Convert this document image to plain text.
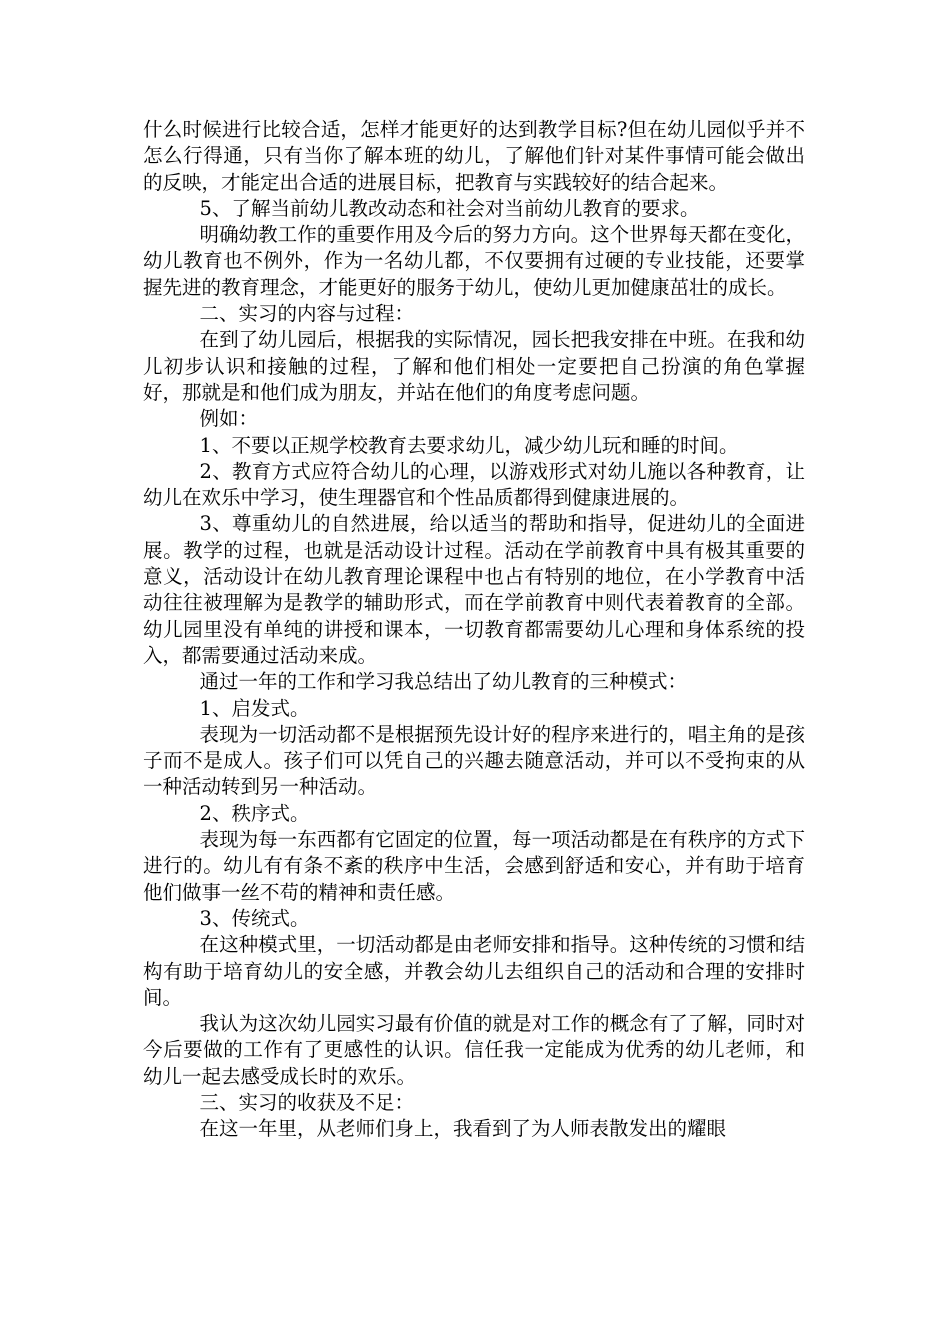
什么时候进行比较合适，怎样才能更好的达到教学目标?但在幼儿园似乎并不怎么行得通，只有当你了解本班的幼儿，了解他们针对某件事情可能会做出的反映，才能定出合适的进展目标，把教育与实践较好的结合起来。

5、了解当前幼儿教改动态和社会对当前幼儿教育的要求。

明确幼教工作的重要作用及今后的努力方向。这个世界每天都在变化，幼儿教育也不例外，作为一名幼儿都，不仅要拥有过硬的专业技能，还要掌握先进的教育理念，才能更好的服务于幼儿，使幼儿更加健康茁壮的成长。

二、实习的内容与过程：

在到了幼儿园后，根据我的实际情况，园长把我安排在中班。在我和幼儿初步认识和接触的过程，了解和他们相处一定要把自己扮演的角色掌握好，那就是和他们成为朋友，并站在他们的角度考虑问题。

例如：

1、不要以正规学校教育去要求幼儿，减少幼儿玩和睡的时间。

2、教育方式应符合幼儿的心理，以游戏形式对幼儿施以各种教育，让幼儿在欢乐中学习，使生理器官和个性品质都得到健康进展的。

3、尊重幼儿的自然进展，给以适当的帮助和指导，促进幼儿的全面进展。教学的过程，也就是活动设计过程。活动在学前教育中具有极其重要的意义，活动设计在幼儿教育理论课程中也占有特别的地位，在小学教育中活动往往被理解为是教学的辅助形式，而在学前教育中则代表着教育的全部。幼儿园里没有单纯的讲授和课本，一切教育都需要幼儿心理和身体系统的投入，都需要通过活动来成。

通过一年的工作和学习我总结出了幼儿教育的三种模式：

1、启发式。

表现为一切活动都不是根据预先设计好的程序来进行的，唱主角的是孩子而不是成人。孩子们可以凭自己的兴趣去随意活动，并可以不受拘束的从一种活动转到另一种活动。

2、秩序式。

表现为每一东西都有它固定的位置，每一项活动都是在有秩序的方式下进行的。幼儿有有条不紊的秩序中生活，会感到舒适和安心，并有助于培育他们做事一丝不苟的精神和责任感。

3、传统式。

在这种模式里，一切活动都是由老师安排和指导。这种传统的习惯和结构有助于培育幼儿的安全感，并教会幼儿去组织自己的活动和合理的安排时间。

我认为这次幼儿园实习最有价值的就是对工作的概念有了了解，同时对今后要做的工作有了更感性的认识。信任我一定能成为优秀的幼儿老师，和幼儿一起去感受成长时的欢乐。

三、实习的收获及不足：

在这一年里，从老师们身上，我看到了为人师表散发出的耀眼
